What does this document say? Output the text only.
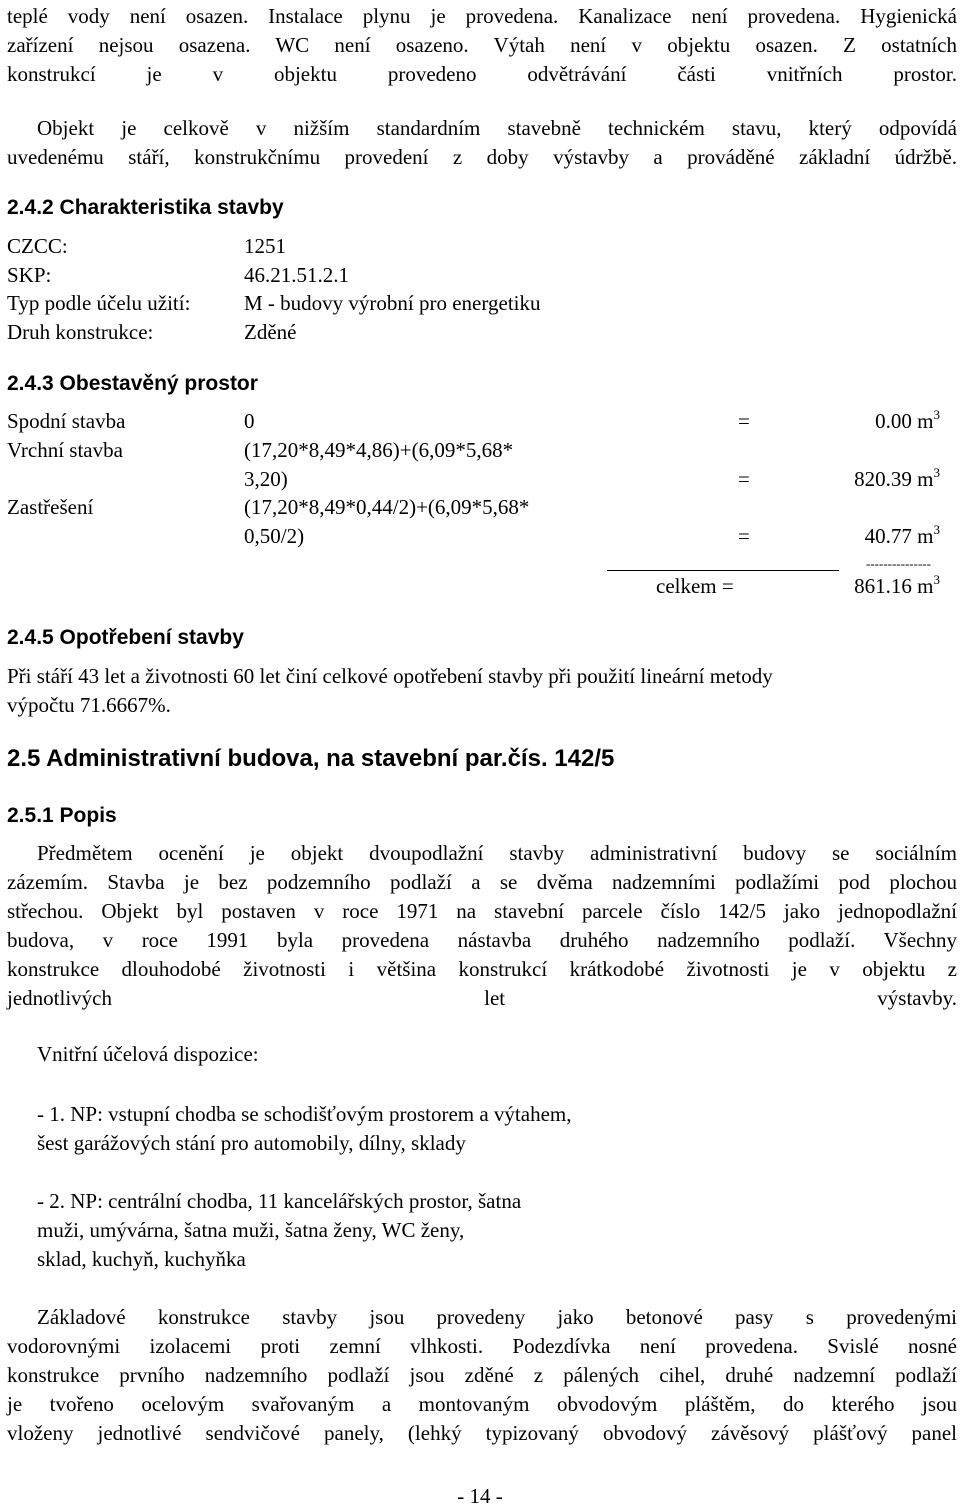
teplé vody není osazen. Instalace plynu je provedena. Kanalizace není provedena. Hygienická
zařízení nejsou osazena. WC není osazeno. Výtah není v objektu osazen. Z ostatních
konstrukcí je v objektu provedeno odvětrávání části vnitřních prostor.
Objekt je celkově v nižším standardním stavebně technickém stavu, který odpovídá
uvedenému stáří, konstrukčnímu provedení z doby výstavby a prováděné základní údržbě.
2.4.2 Charakteristika stavby
CZCC:	1251
SKP:	46.21.51.2.1
Typ podle účelu užití:	M - budovy výrobní pro energetiku
Druh konstrukce:	Zděné
2.4.3 Obestavěný prostor
Spodní stavba	0	=	0.00 $m^3$
Vrchní stavba	(17,20*8,49*4,86)+(6,09*5,68*
3,20)	=	820.39 $m^3$
Zastřešení	(17,20*8,49*0,44/2)+(6,09*5,68*
0,50/2)	=	40.77 $m^3$
---------------
celkem =	861.16 $m^3$
2.4.5 Opotřebení stavby
Při stáří 43 let a životnosti 60 let činí celkové opotřebení stavby při použití lineární metody
výpočtu 71.6667%.
2.5 Administrativní budova, na stavební par.čís. 142/5
2.5.1 Popis
Předmětem ocenění je objekt dvoupodlažní stavby administrativní budovy se sociálním
zázemím. Stavba je bez podzemního podlaží a se dvěma nadzemními podlažími pod plochou
střechou. Objekt byl postaven v roce 1971 na stavební parcele číslo 142/5 jako jednopodlažní
budova, v roce 1991 byla provedena nástavba druhého nadzemního podlaží. Všechny
konstrukce dlouhodobé životnosti i většina konstrukcí krátkodobé životnosti je v objektu z
jednotlivých let výstavby.
Vnitřní účelová dispozice:
- 1. NP: vstupní chodba se schodišťovým prostorem a výtahem,
šest garážových stání pro automobily, dílny, sklady
- 2. NP: centrální chodba, 11 kancelářských prostor, šatna
muži, umývárna, šatna muži, šatna ženy, WC ženy,
sklad, kuchyň, kuchyňka
Základové konstrukce stavby jsou provedeny jako betonové pasy s provedenými
vodorovnými izolacemi proti zemní vlhkosti. Podezdívka není provedena. Svislé nosné
konstrukce prvního nadzemního podlaží jsou zděné z pálených cihel, druhé nadzemní podlaží
je tvořeno ocelovým svařovaným a montovaným obvodovým pláštěm, do kterého jsou
vloženy jednotlivé sendvičové panely, (lehký typizovaný obvodový závěsový plášťový panel
- 14 -
